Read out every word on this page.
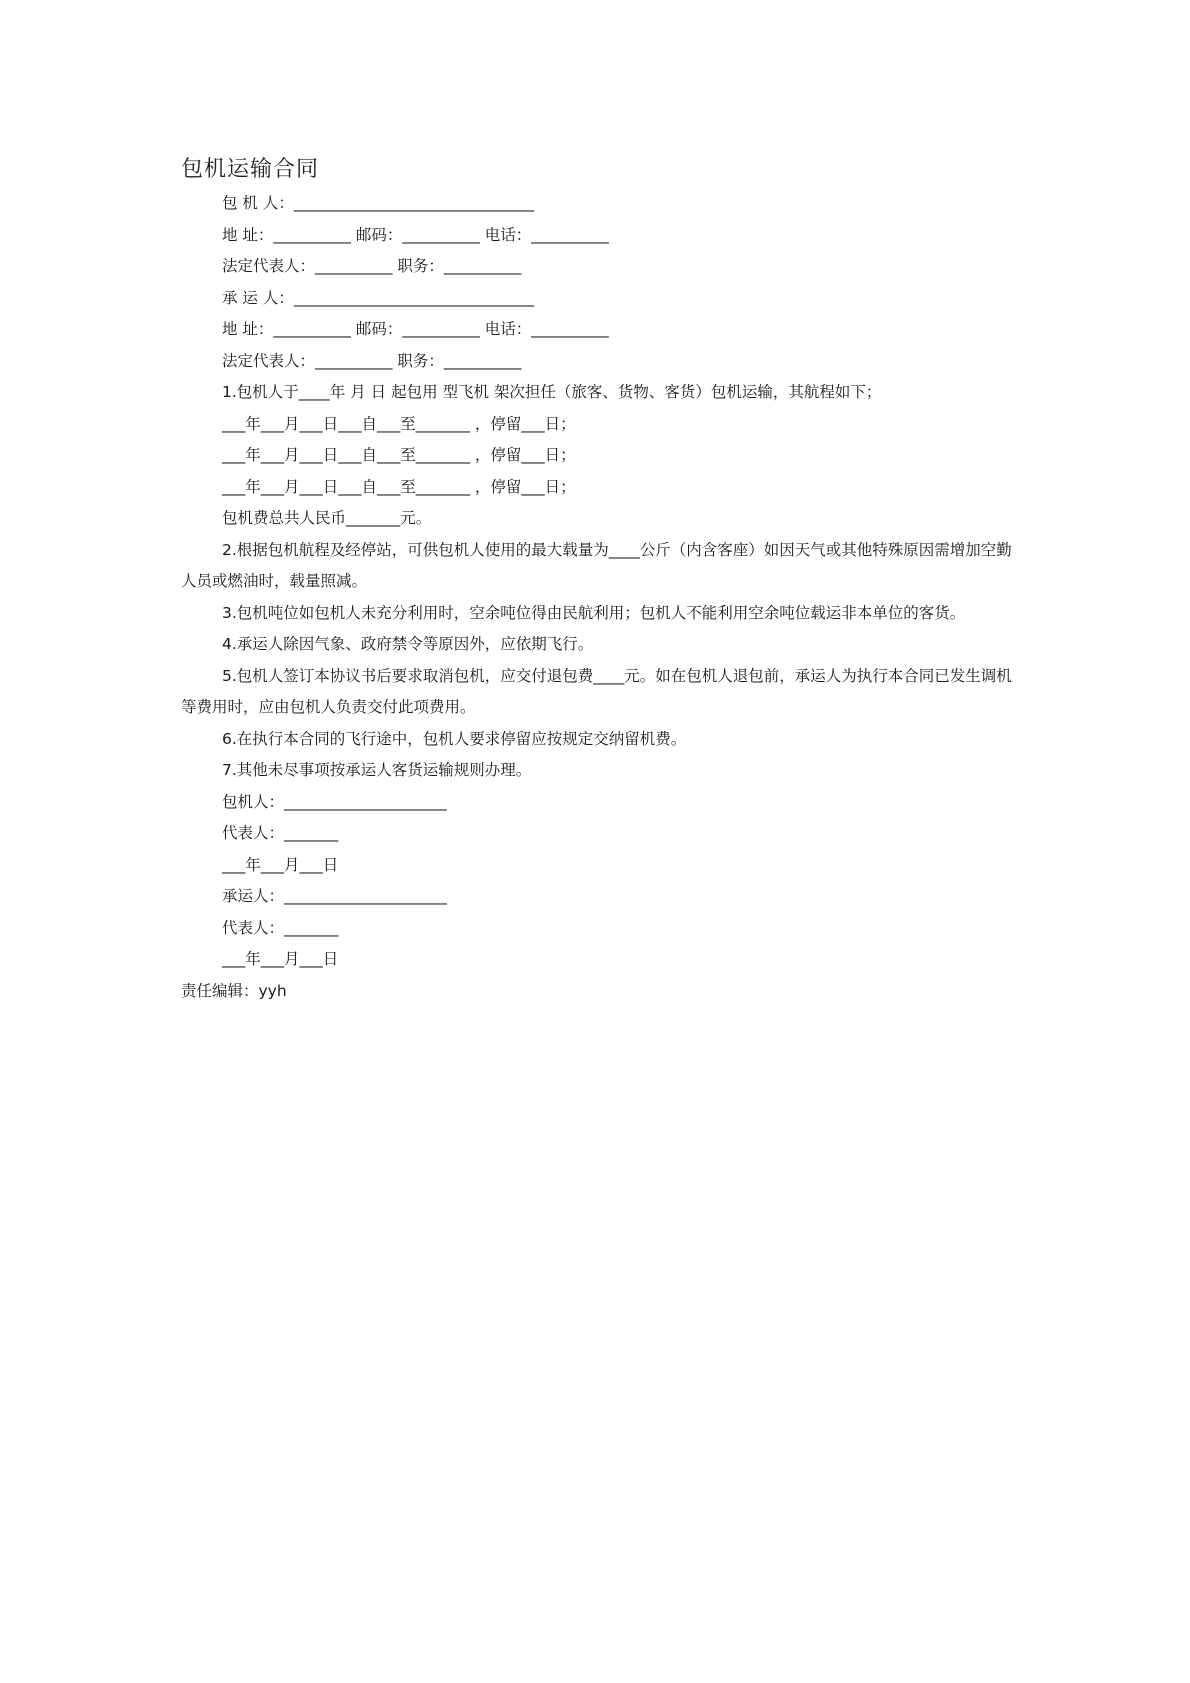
包机运输合同
包 机 人：_______________________________
地 址：__________ 邮码：__________ 电话：__________
法定代表人：__________ 职务：__________
承 运 人：_______________________________
地 址：__________ 邮码：__________ 电话：__________
法定代表人：__________ 职务：__________
1.包机人于____年 月 日 起包用 型飞机 架次担任（旅客、货物、客货）包机运输，其航程如下；
___年___月___日___自___至_______ ，停留___日；
___年___月___日___自___至_______ ，停留___日；
___年___月___日___自___至_______ ，停留___日；
包机费总共人民币_______元。
2.根据包机航程及经停站，可供包机人使用的最大载量为____公斤（内含客座）如因天气或其他特殊原因需增加空勤人员或燃油时，载量照减。
3.包机吨位如包机人未充分利用时，空余吨位得由民航利用；包机人不能利用空余吨位载运非本单位的客货。
4.承运人除因气象、政府禁令等原因外，应依期飞行。
5.包机人签订本协议书后要求取消包机，应交付退包费____元。如在包机人退包前，承运人为执行本合同已发生调机等费用时，应由包机人负责交付此项费用。
6.在执行本合同的飞行途中，包机人要求停留应按规定交纳留机费。
7.其他未尽事项按承运人客货运输规则办理。
包机人：_____________________
代表人：_______
___年___月___日
承运人：_____________________
代表人：_______
___年___月___日
责任编辑：yyh
